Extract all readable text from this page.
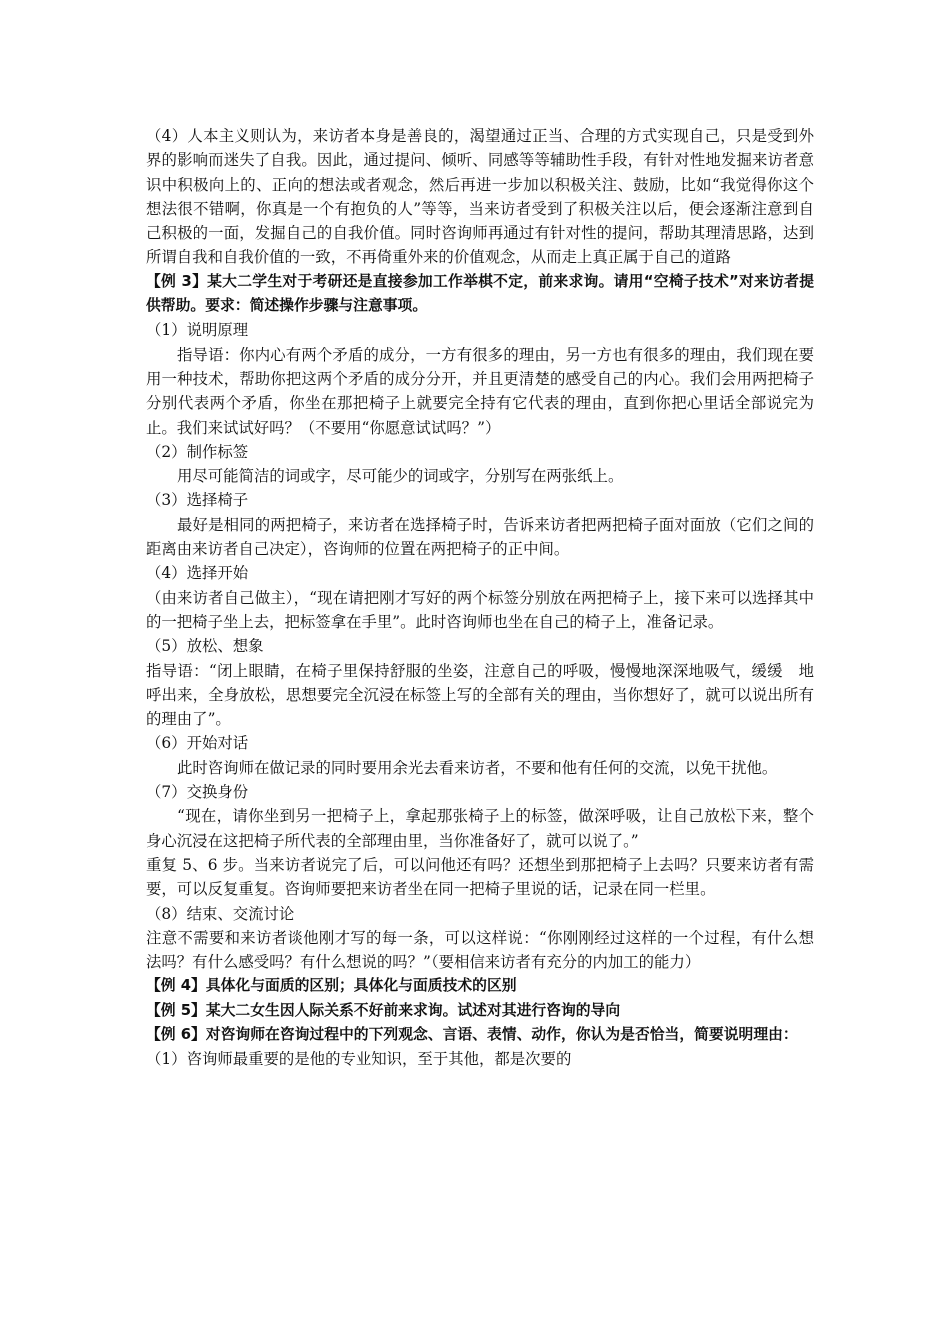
（4）人本主义则认为，来访者本身是善良的，渴望通过正当、合理的方式实现自己，只是受到外界的影响而迷失了自我。因此，通过提问、倾听、同感等等辅助性手段，有针对性地发掘来访者意识中积极向上的、正向的想法或者观念，然后再进一步加以积极关注、鼓励，比如“我觉得你这个想法很不错啊，你真是一个有抱负的人”等等，当来访者受到了积极关注以后，便会逐渐注意到自己积极的一面，发掘自己的自我价值。同时咨询师再通过有针对性的提问，帮助其理清思路，达到所谓自我和自我价值的一致，不再倚重外来的价值观念，从而走上真正属于自己的道路

【例 3】某大二学生对于考研还是直接参加工作举棋不定，前来求询。请用“空椅子技术”对来访者提供帮助。要求：简述操作步骤与注意事项。

（1）说明原理

指导语：你内心有两个矛盾的成分，一方有很多的理由，另一方也有很多的理由，我们现在要用一种技术，帮助你把这两个矛盾的成分分开，并且更清楚的感受自己的内心。我们会用两把椅子分别代表两个矛盾，你坐在那把椅子上就要完全持有它代表的理由，直到你把心里话全部说完为止。我们来试试好吗？（不要用“你愿意试试吗？”）

（2）制作标签

用尽可能简洁的词或字，尽可能少的词或字，分别写在两张纸上。

（3）选择椅子

最好是相同的两把椅子，来访者在选择椅子时，告诉来访者把两把椅子面对面放（它们之间的距离由来访者自己决定），咨询师的位置在两把椅子的正中间。

（4）选择开始

（由来访者自己做主），“现在请把刚才写好的两个标签分别放在两把椅子上，接下来可以选择其中的一把椅子坐上去，把标签拿在手里”。此时咨询师也坐在自己的椅子上，准备记录。

（5）放松、想象

指导语：“闭上眼睛，在椅子里保持舒服的坐姿，注意自己的呼吸，慢慢地深深地吸气，缓缓　地呼出来，全身放松，思想要完全沉浸在标签上写的全部有关的理由，当你想好了，就可以说出所有的理由了”。

（6）开始对话

此时咨询师在做记录的同时要用余光去看来访者，不要和他有任何的交流，以免干扰他。

（7）交换身份

“现在，请你坐到另一把椅子上，拿起那张椅子上的标签，做深呼吸，让自己放松下来，整个身心沉浸在这把椅子所代表的全部理由里，当你准备好了，就可以说了。”

重复 5、6 步。当来访者说完了后，可以问他还有吗？还想坐到那把椅子上去吗？只要来访者有需要，可以反复重复。咨询师要把来访者坐在同一把椅子里说的话，记录在同一栏里。

（8）结束、交流讨论

注意不需要和来访者谈他刚才写的每一条，可以这样说：“你刚刚经过这样的一个过程，有什么想法吗？有什么感受吗？有什么想说的吗？”（要相信来访者有充分的内加工的能力）

【例 4】具体化与面质的区别；具体化与面质技术的区别

【例 5】某大二女生因人际关系不好前来求询。试述对其进行咨询的导向

【例 6】对咨询师在咨询过程中的下列观念、言语、表情、动作，你认为是否恰当，简要说明理由：

（1）咨询师最重要的是他的专业知识，至于其他，都是次要的
